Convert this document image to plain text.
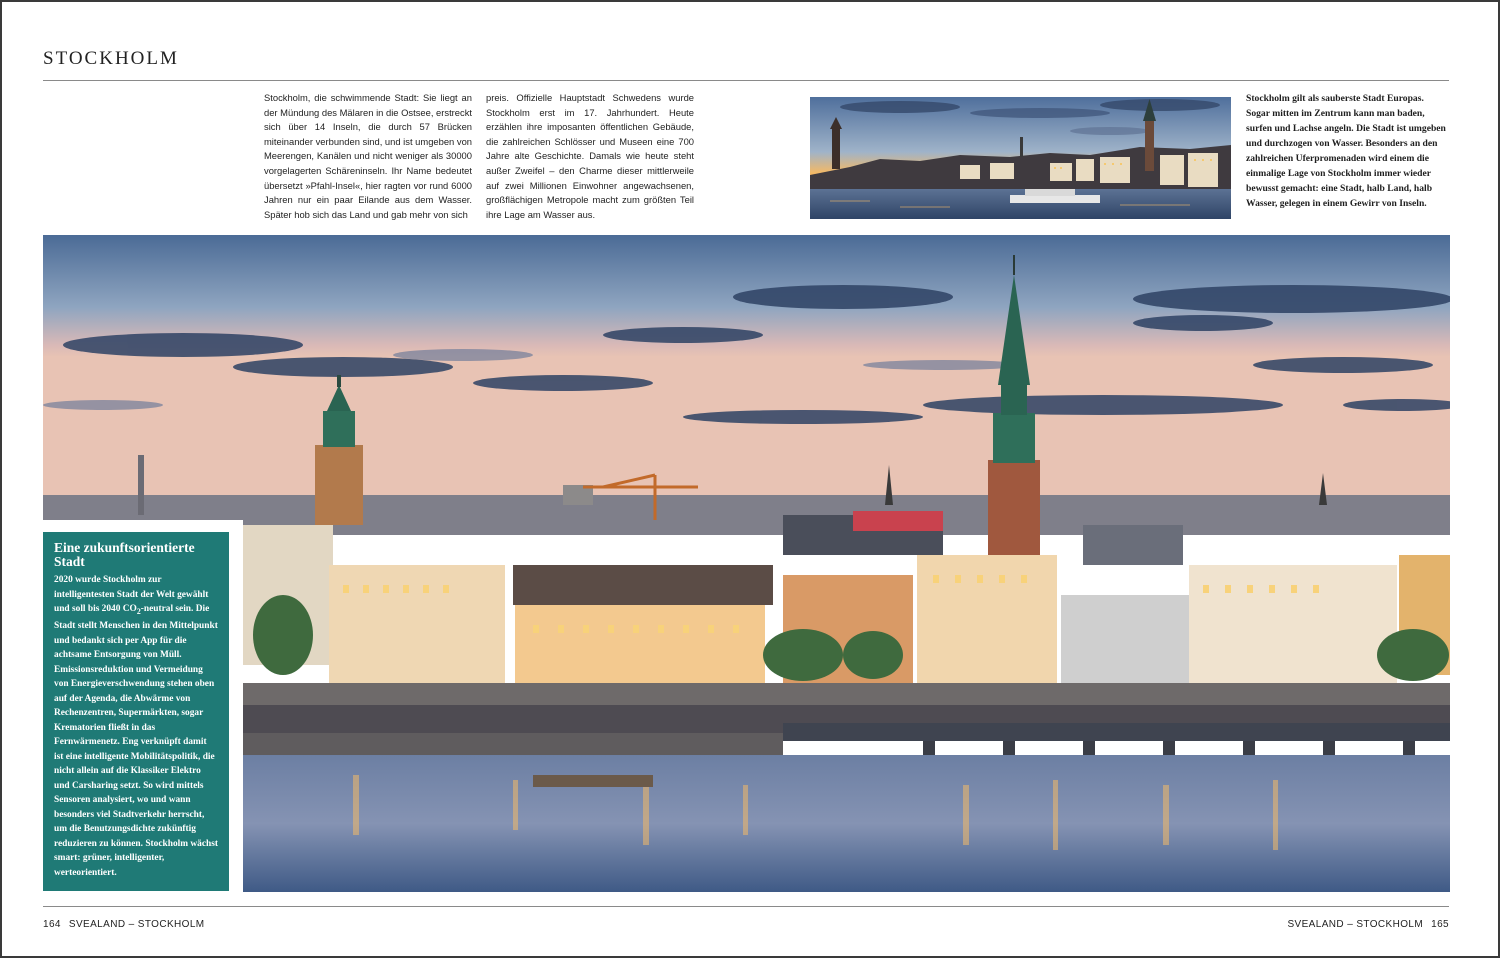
STOCKHOLM
Stockholm, die schwimmende Stadt: Sie liegt an der Mündung des Mälaren in die Ostsee, erstreckt sich über 14 Inseln, die durch 57 Brücken miteinander verbunden sind, und ist umgeben von Meerengen, Kanälen und nicht weniger als 30000 vorgelagerten Schäreninseln. Ihr Name bedeutet übersetzt »Pfahl-Insel«, hier ragten vor rund 6000 Jahren nur ein paar Eilande aus dem Wasser. Später hob sich das Land und gab mehr von sich
preis. Offizielle Hauptstadt Schwedens wurde Stockholm erst im 17. Jahrhundert. Heute erzählen ihre imposanten öffentlichen Gebäude, die zahlreichen Schlösser und Museen eine 700 Jahre alte Geschichte. Damals wie heute steht außer Zweifel – den Charme dieser mittlerweile auf zwei Millionen Einwohner angewachsenen, großflächigen Metropole macht zum größten Teil ihre Lage am Wasser aus.
Stockholm gilt als sauberste Stadt Europas. Sogar mitten im Zentrum kann man baden, surfen und Lachse angeln. Die Stadt ist umgeben und durchzogen von Wasser. Besonders an den zahlreichen Uferpromenaden wird einem die einmalige Lage von Stockholm immer wieder bewusst gemacht: eine Stadt, halb Land, halb Wasser, gelegen in einem Gewirr von Inseln.
Eine zukunftsorientierte Stadt
2020 wurde Stockholm zur intelligentesten Stadt der Welt gewählt und soll bis 2040 $CO_2$-neutral sein. Die Stadt stellt Menschen in den Mittelpunkt und bedankt sich per App für die achtsame Entsorgung von Müll. Emissionsreduktion und Vermeidung von Energieverschwendung stehen oben auf der Agenda, die Abwärme von Rechenzentren, Supermärkten, sogar Krematorien fließt in das Fernwärmenetz. Eng verknüpft damit ist eine intelligente Mobilitätspolitik, die nicht allein auf die Klassiker Elektro und Carsharing setzt. So wird mittels Sensoren analysiert, wo und wann besonders viel Stadtverkehr herrscht, um die Benutzungsdichte zukünftig reduzieren zu können. Stockholm wächst smart: grüner, intelligenter, werteorientiert.
164 SVEALAND – STOCKHOLM	SVEALAND – STOCKHOLM 165
